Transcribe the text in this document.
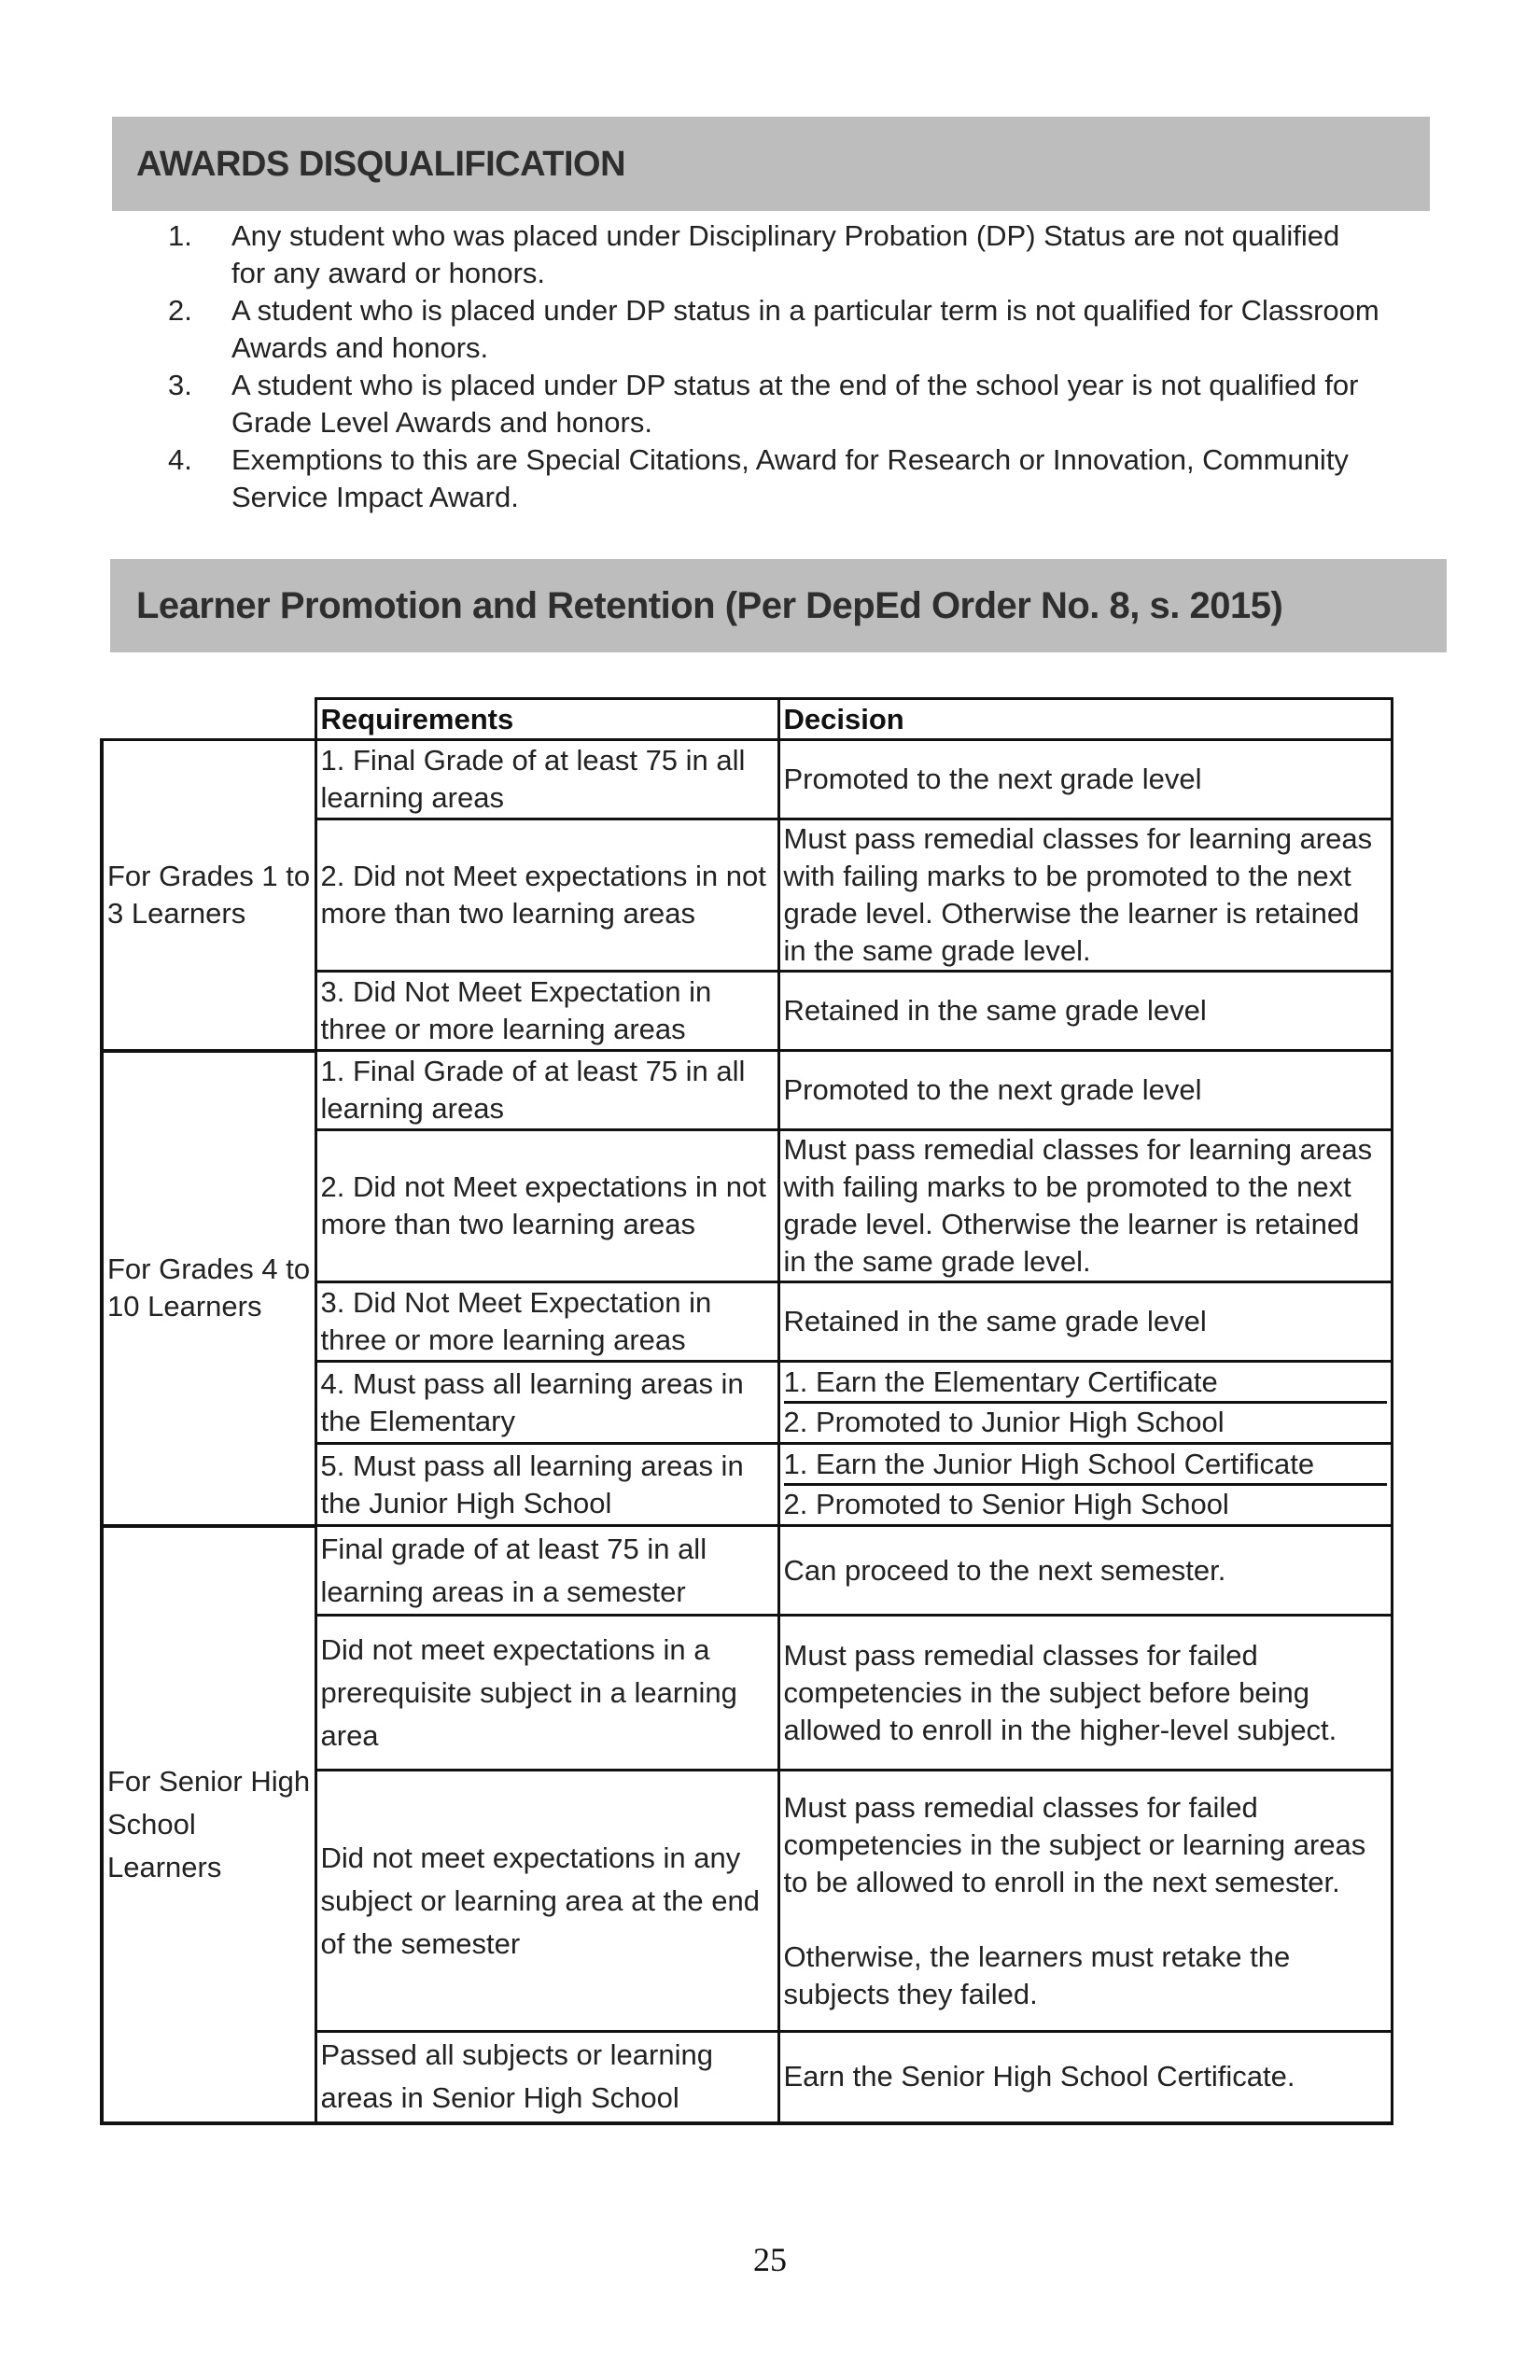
AWARDS DISQUALIFICATION
1. Any student who was placed under Disciplinary Probation (DP) Status are not qualified for any award or honors.
2. A student who is placed under DP status in a particular term is not qualified for Classroom Awards and honors.
3. A student who is placed under DP status at the end of the school year is not qualified for Grade Level Awards and honors.
4. Exemptions to this are Special Citations, Award for Research or Innovation, Community Service Impact Award.
Learner Promotion and Retention (Per DepEd Order No. 8, s. 2015)
	Requirements	Decision
For Grades 1 to 3 Learners	1. Final Grade of at least 75 in all learning areas	Promoted to the next grade level

	2. Did not Meet expectations in not more than two learning areas	Must pass remedial classes for learning areas with failing marks to be promoted to the next grade level. Otherwise the learner is retained in the same grade level.
	3. Did Not Meet Expectation in three or more learning areas	Retained in the same grade level

For Grades 4 to 10 Learners	1. Final Grade of at least 75 in all learning areas	Promoted to the next grade level

	2. Did not Meet expectations in not more than two learning areas	Must pass remedial classes for learning areas with failing marks to be promoted to the next grade level. Otherwise the learner is retained in the same grade level.
	3. Did Not Meet Expectation in three or more learning areas	Retained in the same grade level

	4. Must pass all learning areas in the Elementary	1. Earn the Elementary Certificate
2. Promoted to Junior High School

	5. Must pass all learning areas in the Junior High School	1. Earn the Junior High School Certificate
2. Promoted to Senior High School

For Senior High School Learners	Final grade of at least 75 in all learning areas in a semester	Can proceed to the next semester.
	Did not meet expectations in a prerequisite subject in a learning area	Must pass remedial classes for failed competencies in the subject before being allowed to enroll in the higher-level subject.
	Did not meet expectations in any subject or learning area at the end of the semester	Must pass remedial classes for failed competencies in the subject or learning areas to be allowed to enroll in the next semester.
Otherwise, the learners must retake the subjects they failed.

	Passed all subjects or learning areas in Senior High School	Earn the Senior High School Certificate.
25
